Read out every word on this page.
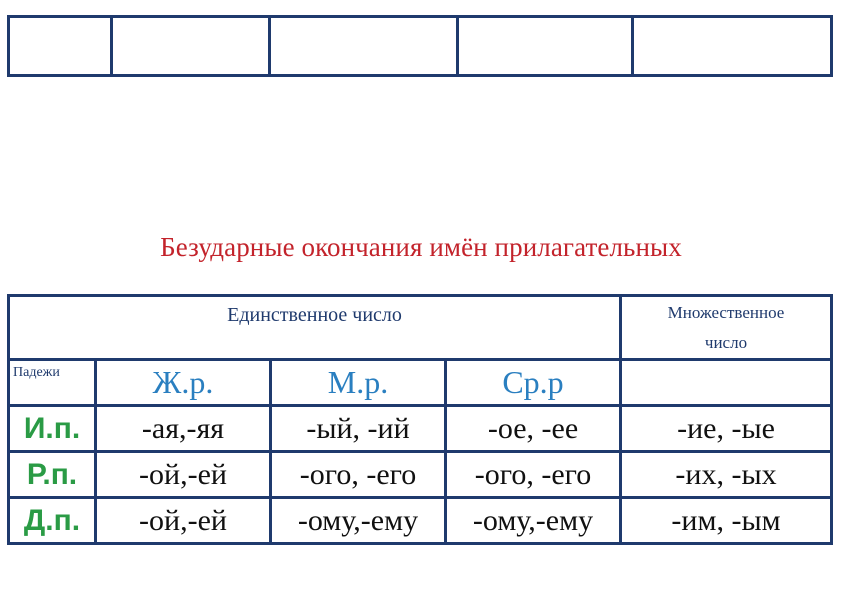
Безударные окончания имён прилагательных
Единственное число				Множественное
число

Падежи	Ж.р.	М.р.	Ср.р	
И.п.	-ая,-яя	-ый, -ий	-ое, -ее	-ие, -ые
Р.п.	-ой,-ей	-ого, -его	-ого, -его	-их, -ых
Д.п.	-ой,-ей	-ому,-ему	-ому,-ему	-им, -ым
